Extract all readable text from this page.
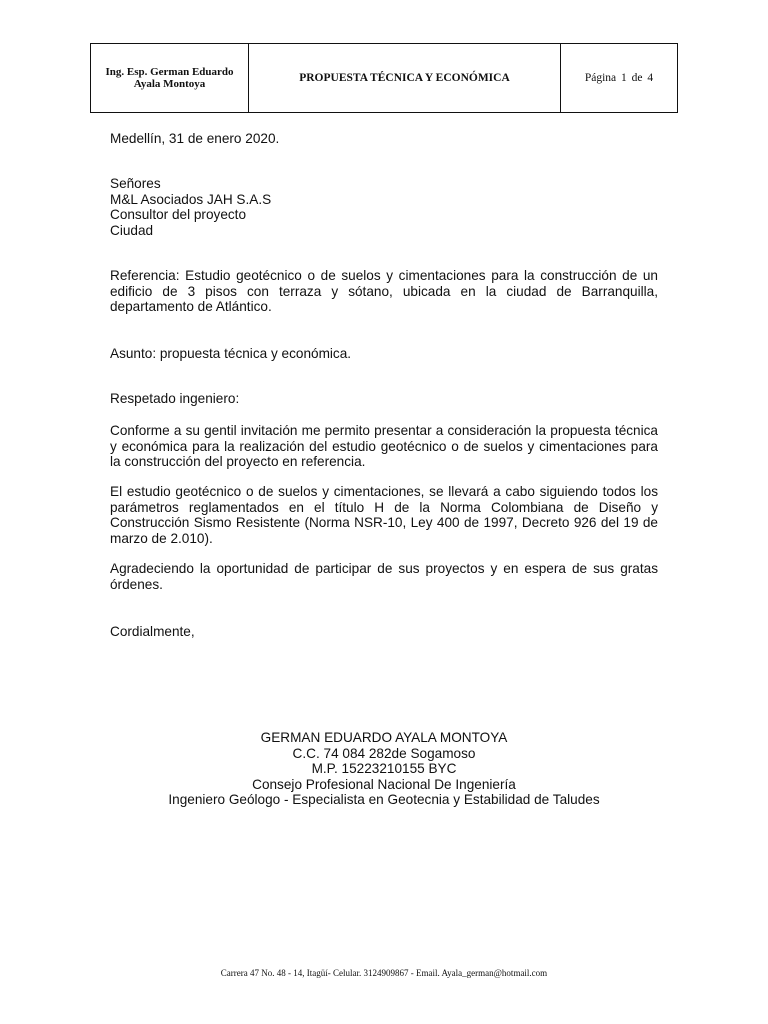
Ing. Esp. German Eduardo
Ayala Montoya	PROPUESTA TÉCNICA Y ECONÓMICA	Página 1 de 4

Medellín, 31 de enero 2020.

Señores
M&L Asociados JAH S.A.S
Consultor del proyecto
Ciudad

Referencia: Estudio geotécnico o de suelos y cimentaciones para la construcción de un edificio de 3 pisos con terraza y sótano, ubicada en la ciudad de Barranquilla, departamento de Atlántico.

Asunto: propuesta técnica y económica.

Respetado ingeniero:

Conforme a su gentil invitación me permito presentar a consideración la propuesta técnica y económica para la realización del estudio geotécnico o de suelos y cimentaciones para la construcción del proyecto en referencia.

El estudio geotécnico o de suelos y cimentaciones, se llevará a cabo siguiendo todos los parámetros reglamentados en el título H de la Norma Colombiana de Diseño y Construcción Sismo Resistente (Norma NSR-10, Ley 400 de 1997, Decreto 926 del 19 de marzo de 2.010).

Agradeciendo la oportunidad de participar de sus proyectos y en espera de sus gratas órdenes.

Cordialmente,

GERMAN EDUARDO AYALA MONTOYA
C.C. 74 084 282de Sogamoso
M.P. 15223210155 BYC
Consejo Profesional Nacional De Ingeniería
Ingeniero Geólogo - Especialista en Geotecnia y Estabilidad de Taludes
Carrera 47 No. 48 - 14, Itagüí- Celular. 3124909867 - Email. Ayala_german@hotmail.com
